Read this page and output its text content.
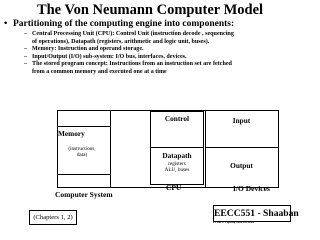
The Von Neumann Computer Model
• Partitioning of the computing engine into components:
– Central Processing Unit (CPU): Control Unit (instruction decode , sequencing
of operations), Datapath (registers, arithmetic and logic unit, buses).
– Memory: Instruction and operand storage.
– Input/Output (I/O) sub-system: I/O bus, interfaces, devices.
– The stored program concept: Instructions from an instruction set are fetched
from a common memory and executed one at a time
Control
Datapath
registers
ALU, buses
Input
Output
Memory
(instructions,
data)
Computer System
CPU	I/O Devices
(Chapters 1, 2)	EECC551 - Shaaban
#1 Lec # 1 Spring 2004 3-8-2004
